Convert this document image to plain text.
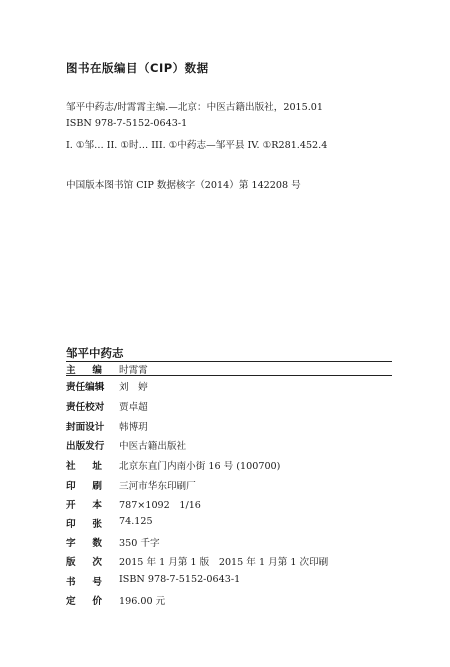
图书在版编目（CIP）数据
邹平中药志/时霄霄主编.—北京：中医古籍出版社，2015.01
ISBN 978-7-5152-0643-1
I. ①邹… II. ①时… III. ①中药志—邹平县 IV. ①R281.452.4
中国版本图书馆 CIP 数据核字（2014）第 142208 号
邹平中药志
主 编 时霄霄
责任编辑	刘　婷
责任校对	贾卓超
封面设计	韩博玥
出版发行	中医古籍出版社
社 址 北京东直门内南小街 16 号 (100700)
印 刷 三河市华东印刷厂
开 本 787×1092　1/16
印 张 74.125
字 数 350 千字
版 次 2015 年 1 月第 1 版　2015 年 1 月第 1 次印刷
书 号 ISBN 978-7-5152-0643-1
定 价 196.00 元
